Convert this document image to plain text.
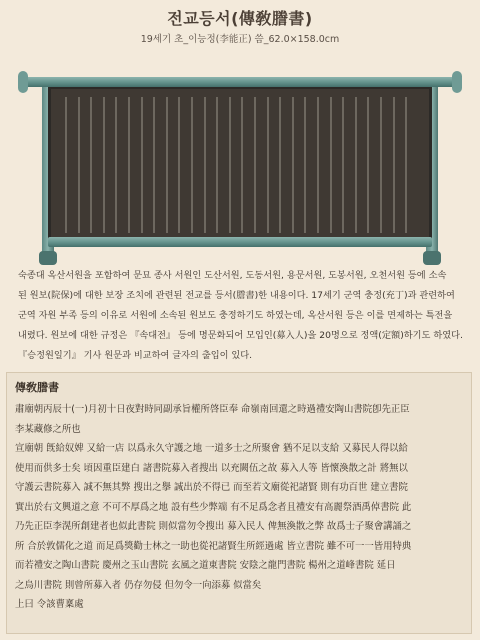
전교등서(傳敎謄書)
19세기 초_이능정(李能正) 씀_62.0×158.0cm

숙종대 옥산서원을 포함하여 문묘 종사 서원인 도산서원, 도동서원, 용문서원, 도봉서원, 오천서원 등에 소속

된 원보(院保)에 대한 보장 조치에 관련된 전교를 등서(謄書)한 내용이다. 17세기 군역 충정(充丁)과 관련하여

군역 자원 부족 등의 이유로 서원에 소속된 원보도 충정하기도 하였는데, 옥산서원 등은 이를 면제하는 특전을

내렸다. 원보에 대한 규정은 『속대전』 등에 명문화되어 모입인(募入人)을 20명으로 정액(定額)하기도 하였다.

『승정원일기』 기사 원문과 비교하여 글자의 출입이 있다.

傳敎謄書
肅廟朝丙辰十(一)月初十日夜對時同副承旨權所啓臣奉 命嶺南回還之時過禮安陶山書院卽先正臣
李某藏修之所也
宣廟朝 旣給奴婢 又給一店 以爲永久守護之地 一道多士之所聚會 猶不足以支給 又募民人得以給
使用而供多士矣 頃因重臣建白 諸書院募入者搜出 以充闕伍之故 募入人等 皆懷渙散之計 將無以
守護云書院募入 誠不無其弊 搜出之擧 誠出於不得已 而至若文廟從祀諸賢 則有功百世 建立書院
實出於右文興道之意 不可不厚爲之地 設有些少弊端 有不足爲念者且禮安有高麗祭酒禹倬書院 此
乃先正臣李滉所創建者也似此書院 則似當勿令搜出 募入民人 俾無渙散之弊 故爲士子聚會講誦之
所 合於敦儒化之道 而足爲獎勸士林之一助也從祀諸賢生所經過處 皆立書院 雖不可一一皆用特典
而若禮安之陶山書院 慶州之玉山書院 玄風之道東書院 安陰之龍門書院 楊州之道峰書院 延日
之烏川書院 則曾所募入者 仍存勿侵 但勿令一向添募 似當矣
上曰 令該曹稟處
